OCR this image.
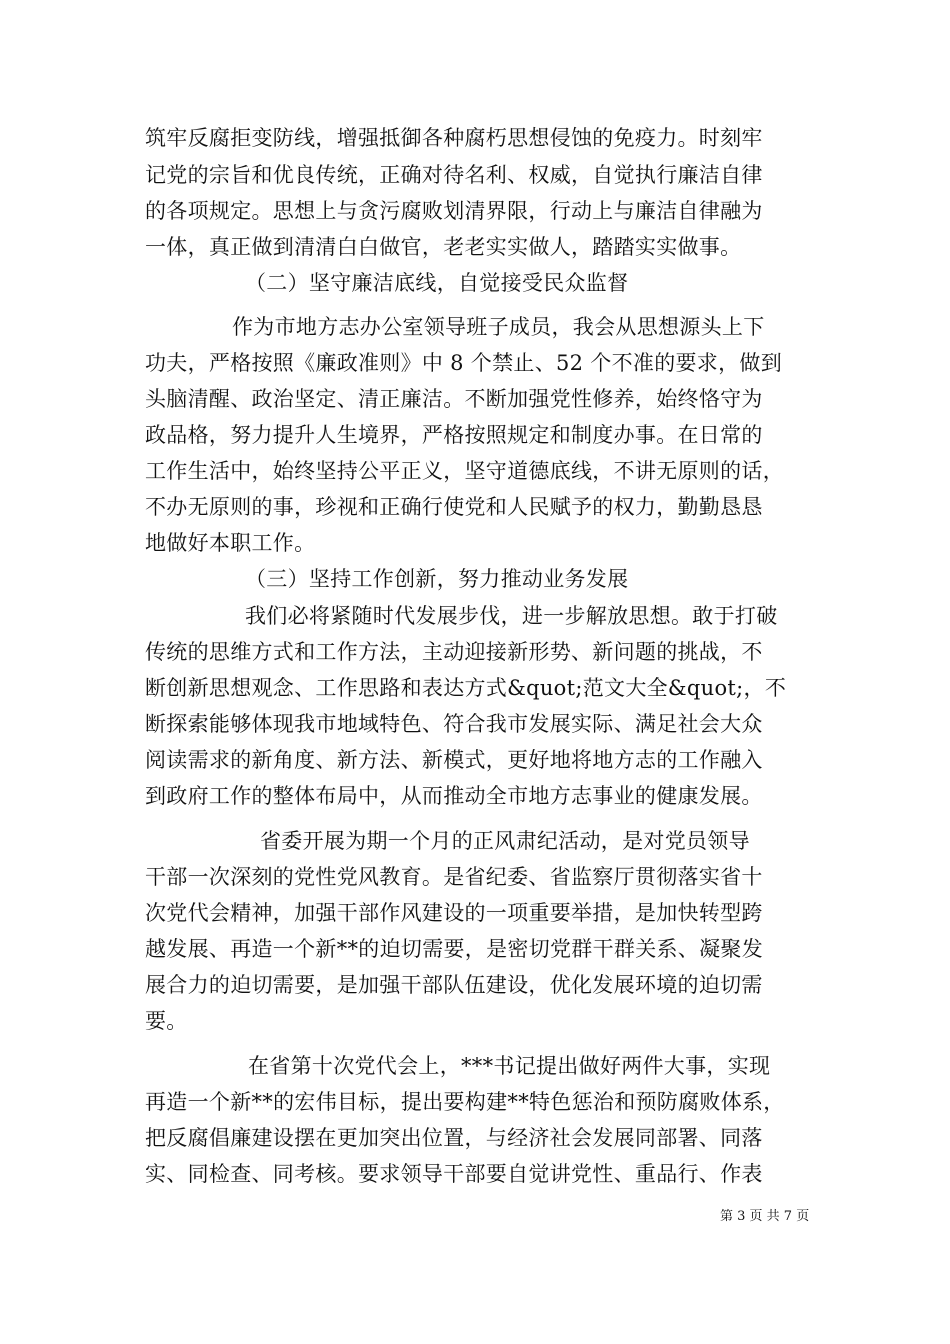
筑牢反腐拒变防线，增强抵御各种腐朽思想侵蚀的免疫力。时刻牢
记党的宗旨和优良传统，正确对待名利、权威，自觉执行廉洁自律
的各项规定。思想上与贪污腐败划清界限，行动上与廉洁自律融为
一体，真正做到清清白白做官，老老实实做人，踏踏实实做事。
（二）坚守廉洁底线，自觉接受民众监督
作为市地方志办公室领导班子成员，我会从思想源头上下
功夫，严格按照《廉政准则》中 8 个禁止、52 个不准的要求，做到
头脑清醒、政治坚定、清正廉洁。不断加强党性修养，始终恪守为
政品格，努力提升人生境界，严格按照规定和制度办事。在日常的
工作生活中，始终坚持公平正义，坚守道德底线，不讲无原则的话，
不办无原则的事，珍视和正确行使党和人民赋予的权力，勤勤恳恳
地做好本职工作。
（三）坚持工作创新，努力推动业务发展
我们必将紧随时代发展步伐，进一步解放思想。敢于打破
传统的思维方式和工作方法，主动迎接新形势、新问题的挑战，不
断创新思想观念、工作思路和表达方式&quot;范文大全&quot;，不
断探索能够体现我市地域特色、符合我市发展实际、满足社会大众
阅读需求的新角度、新方法、新模式，更好地将地方志的工作融入
到政府工作的整体布局中，从而推动全市地方志事业的健康发展。
省委开展为期一个月的正风肃纪活动，是对党员领导
干部一次深刻的党性党风教育。是省纪委、省监察厅贯彻落实省十
次党代会精神，加强干部作风建设的一项重要举措，是加快转型跨
越发展、再造一个新**的迫切需要，是密切党群干群关系、凝聚发
展合力的迫切需要，是加强干部队伍建设，优化发展环境的迫切需
要。
在省第十次党代会上，***书记提出做好两件大事，实现
再造一个新**的宏伟目标，提出要构建**特色惩治和预防腐败体系，
把反腐倡廉建设摆在更加突出位置，与经济社会发展同部署、同落
实、同检查、同考核。要求领导干部要自觉讲党性、重品行、作表
第 3 页 共 7 页
